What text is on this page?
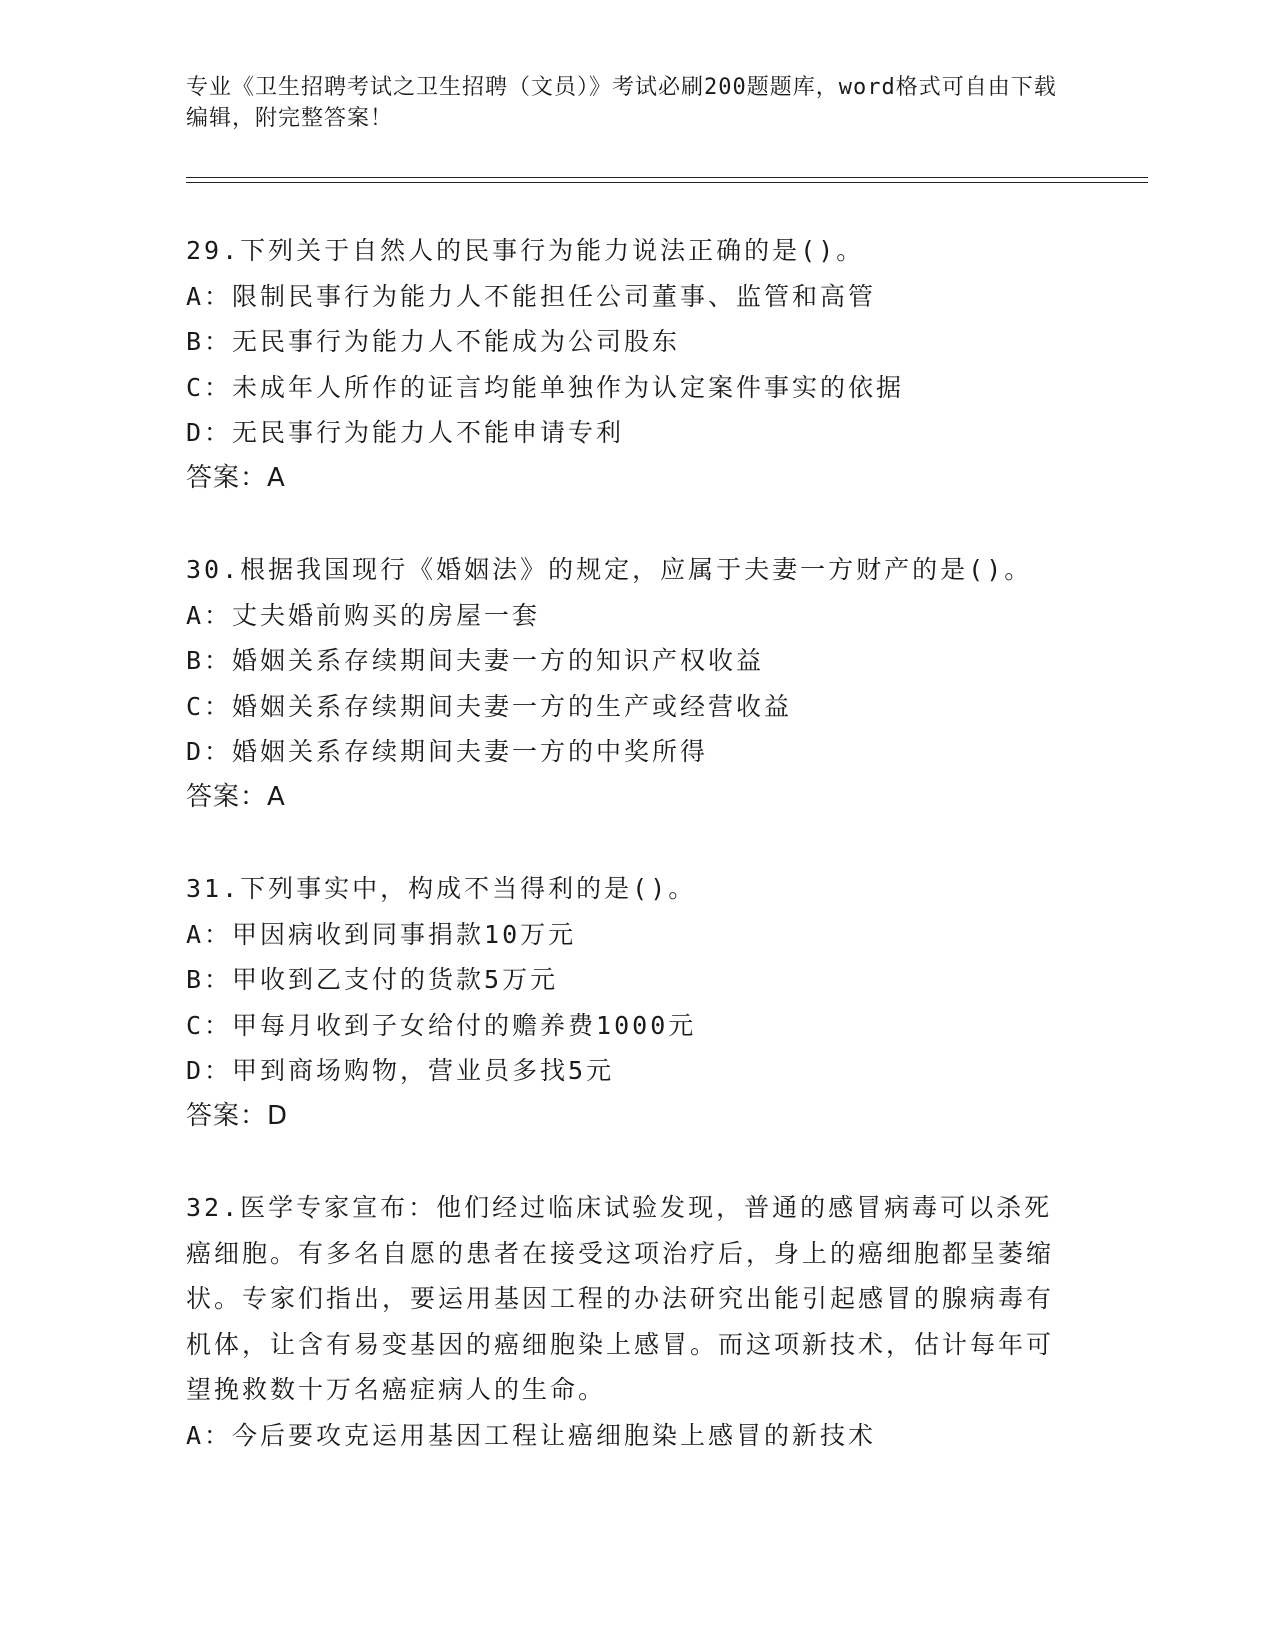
专业《卫生招聘考试之卫生招聘（文员）》考试必刷200题题库，word格式可自由下载编辑，附完整答案！
29.下列关于自然人的民事行为能力说法正确的是()。
A：限制民事行为能力人不能担任公司董事、监管和高管
B：无民事行为能力人不能成为公司股东
C：未成年人所作的证言均能单独作为认定案件事实的依据
D：无民事行为能力人不能申请专利
答案：A
30.根据我国现行《婚姻法》的规定，应属于夫妻一方财产的是()。
A：丈夫婚前购买的房屋一套
B：婚姻关系存续期间夫妻一方的知识产权收益
C：婚姻关系存续期间夫妻一方的生产或经营收益
D：婚姻关系存续期间夫妻一方的中奖所得
答案：A
31.下列事实中，构成不当得利的是()。
A：甲因病收到同事捐款10万元
B：甲收到乙支付的货款5万元
C：甲每月收到子女给付的赡养费1000元
D：甲到商场购物，营业员多找5元
答案：D
32.医学专家宣布：他们经过临床试验发现，普通的感冒病毒可以杀死癌细胞。有多名自愿的患者在接受这项治疗后，身上的癌细胞都呈萎缩状。专家们指出，要运用基因工程的办法研究出能引起感冒的腺病毒有机体，让含有易变基因的癌细胞染上感冒。而这项新技术，估计每年可望挽救数十万名癌症病人的生命。
A：今后要攻克运用基因工程让癌细胞染上感冒的新技术
